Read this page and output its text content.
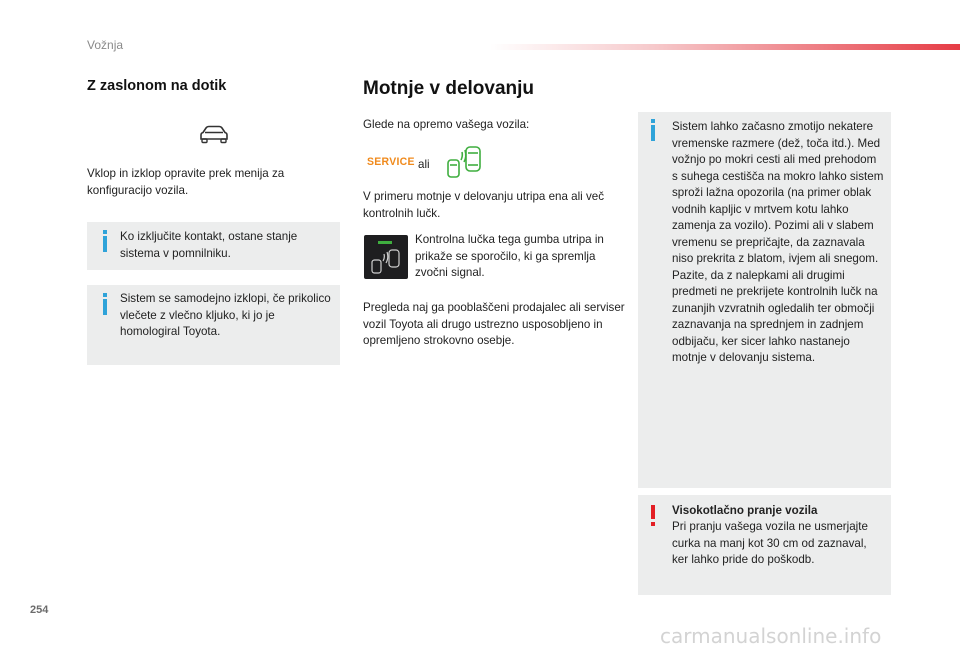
Vožnja
Z zaslonom na dotik
Vklop in izklop opravite prek menija za konfiguracijo vozila.
Ko izključite kontakt, ostane stanje sistema v pomnilniku.
Sistem se samodejno izklopi, če prikolico vlečete z vlečno kljuko, ki jo je homologiral Toyota.
Motnje v delovanju
Glede na opremo vašega vozila:
SERVICE ali
V primeru motnje v delovanju utripa ena ali več kontrolnih lučk.
Kontrolna lučka tega gumba utripa in prikaže se sporočilo, ki ga spremlja zvočni signal.
Pregleda naj ga pooblaščeni prodajalec ali serviser vozil Toyota ali drugo ustrezno usposobljeno in opremljeno strokovno osebje.
Sistem lahko začasno zmotijo nekatere vremenske razmere (dež, toča itd.). Med vožnjo po mokri cesti ali med prehodom s suhega cestišča na mokro lahko sistem sproži lažna opozorila (na primer oblak vodnih kapljic v mrtvem kotu lahko zamenja za vozilo). Pozimi ali v slabem vremenu se prepričajte, da zaznavala niso prekrita z blatom, ivjem ali snegom. Pazite, da z nalepkami ali drugimi predmeti ne prekrijete kontrolnih lučk na zunanjih vzvratnih ogledalih ter območji zaznavanja na sprednjem in zadnjem odbijaču, ker sicer lahko nastanejo motnje v delovanju sistema.
Visokotlačno pranje vozila
Pri pranju vašega vozila ne usmerjajte curka na manj kot 30 cm od zaznaval, ker lahko pride do poškodb.
254
carmanualsonline.info
